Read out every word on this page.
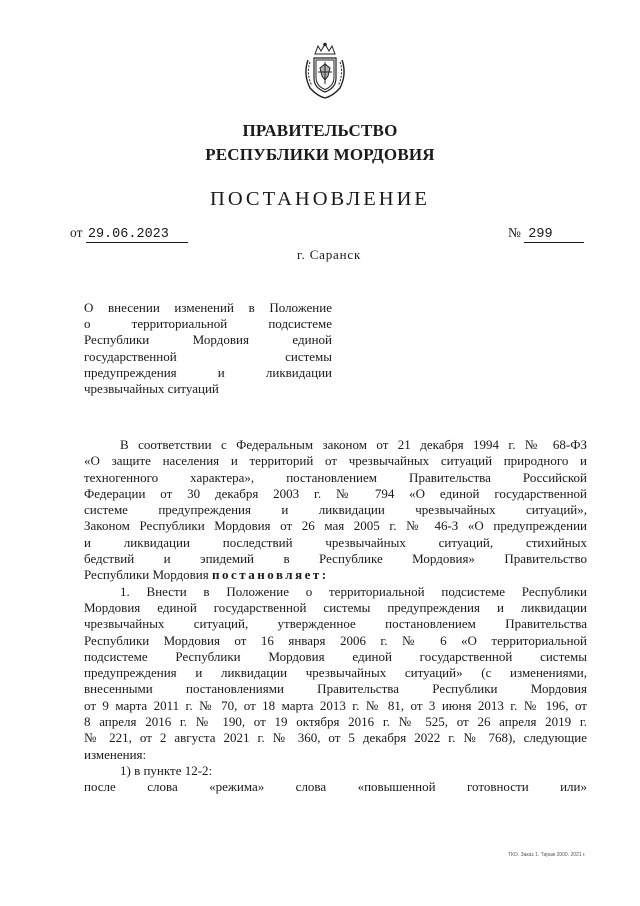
ПРАВИТЕЛЬСТВО
РЕСПУБЛИКИ МОРДОВИЯ
ПОСТАНОВЛЕНИЕ
от 29.06.2023	№ 299
г. Саранск
О внесении изменений в Положение
о территориальной подсистеме
Республики Мордовия единой
государственной системы
предупреждения и ликвидации
чрезвычайных ситуаций
В соответствии с Федеральным законом от 21 декабря 1994 г. № 68-ФЗ
«О защите населения и территорий от чрезвычайных ситуаций природного и
техногенного характера», постановлением Правительства Российской
Федерации от 30 декабря 2003 г. № 794 «О единой государственной
системе предупреждения и ликвидации чрезвычайных ситуаций»,
Законом Республики Мордовия от 26 мая 2005 г. № 46-З «О предупреждении
и ликвидации последствий чрезвычайных ситуаций, стихийных
бедствий и эпидемий в Республике Мордовия» Правительство
Республики Мордовия постановляет:
1. Внести в Положение о территориальной подсистеме Республики
Мордовия единой государственной системы предупреждения и ликвидации
чрезвычайных ситуаций, утвержденное постановлением Правительства
Республики Мордовия от 16 января 2006 г. № 6 «О территориальной
подсистеме Республики Мордовия единой государственной системы
предупреждения и ликвидации чрезвычайных ситуаций» (с изменениями,
внесенными постановлениями Правительства Республики Мордовия
от 9 марта 2011 г. № 70, от 18 марта 2013 г. № 81, от 3 июня 2013 г. № 196, от
8 апреля 2016 г. № 190, от 19 октября 2016 г. № 525, от 26 апреля 2019 г.
№ 221, от 2 августа 2021 г. № 360, от 5 декабря 2022 г. № 768), следующие
изменения:
1) в пункте 12-2:
после слова «режима» слова «повышенной готовности или»
ТКО. Заказ 1. Тираж 2000. 2021 г.
